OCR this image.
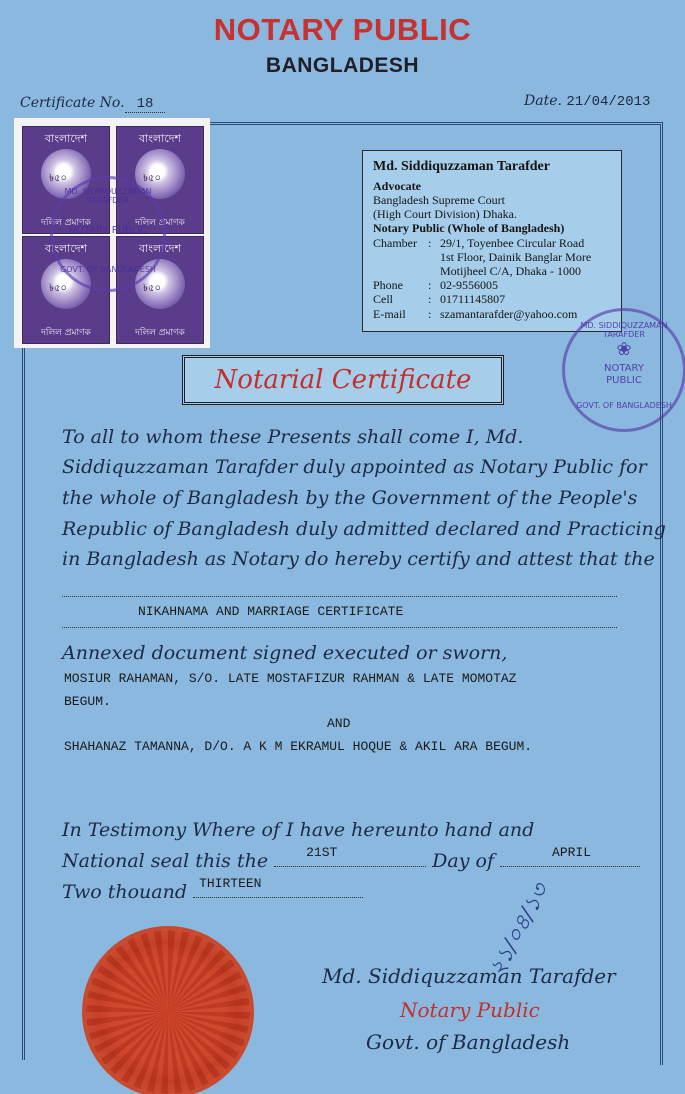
NOTARY PUBLIC
BANGLADESH
Certificate No. 18	Date. 21/04/2013
বাংলাদেশ
৳৫০
দলিল প্রমাণক
বাংলাদেশ
৳৫০
দলিল প্রমাণক
বাংলাদেশ
৳৫০
দলিল প্রমাণক
বাংলাদেশ
৳৫০
দলিল প্রমাণক
MD. SIDDIQUZZAMAN TARAFDER
NOTARY PUBLIC
GOVT. OF BANGLADESH
Md. Siddiquzzaman Tarafder
Advocate
Bangladesh Supreme Court
(High Court Division) Dhaka.
Notary Public (Whole of Bangladesh)
Chamber : 29/1, Toyenbee Circular Road
1st Floor, Dainik Banglar More
Motijheel C/A, Dhaka - 1000
Phone : 02-9556005
Cell	: 01711145807
E-mail : szamantarafder@yahoo.com
MD. SIDDIQUZZAMAN TARAFDER
❀
NOTARY
PUBLIC
GOVT. OF BANGLADESH
Notarial Certificate
To all to whom these Presents shall come I, Md.
Siddiquzzaman Tarafder duly appointed as Notary Public for
the whole of Bangladesh by the Government of the People's
Republic of Bangladesh duly admitted declared and Practicing
in Bangladesh as Notary do hereby certify and attest that the
NIKAHNAMA AND MARRIAGE CERTIFICATE
Annexed document signed executed or sworn,
MOSIUR RAHAMAN, S/O. LATE MOSTAFIZUR RAHMAN & LATE MOMOTAZ
BEGUM.
AND
SHAHANAZ TAMANNA, D/O. A K M EKRAMUL HOQUE & AKIL ARA BEGUM.
In Testimony Where of I have hereunto hand and
National seal this the	21ST	Day of	APRIL
Two thouand THIRTEEN	২১/০৪/১৩
Md. Siddiquzzaman Tarafder
Notary Public
Govt. of Bangladesh
